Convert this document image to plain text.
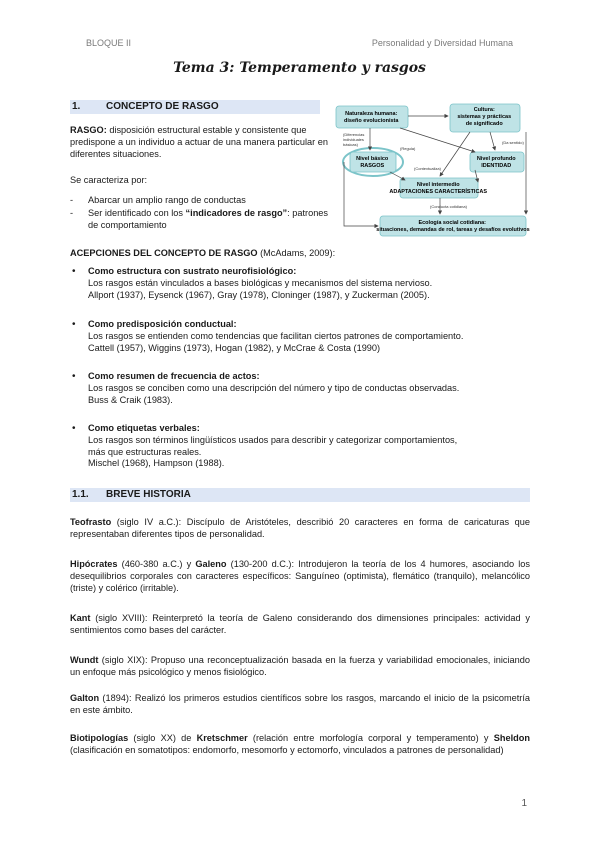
BLOQUE II	Personalidad y Diversidad Humana
Tema 3: Temperamento y rasgos
1.	CONCEPTO DE RASGO
RASGO: disposición estructural estable y consistente que predispone a un individuo a actuar de una manera particular en diferentes situaciones.
Se caracteriza por:
- Abarcar un amplio rango de conductas
- Ser identificado con los “indicadores de rasgo”: patrones de comportamiento
Naturaleza humana: diseño evolucionista Cultura: sistemas y prácticas de significado Nivel básico RASGOS Nivel profundo IDENTIDAD Nivel intermedio ADAPTACIONES CARACTERÍSTICAS Ecología social cotidiana: situaciones, demandas de rol, tareas y desafíos evolutivos
(Diferencias individuales básicas) (Regula) (Da sentido) (Contextualiza) (Conducta cotidiana)
ACEPCIONES DEL CONCEPTO DE RASGO (McAdams, 2009):
• Como estructura con sustrato neurofisiológico:
Los rasgos están vinculados a bases biológicas y mecanismos del sistema nervioso.
Allport (1937), Eysenck (1967), Gray (1978), Cloninger (1987), y Zuckerman (2005).
• Como predisposición conductual:
Los rasgos se entienden como tendencias que facilitan ciertos patrones de comportamiento.
Cattell (1957), Wiggins (1973), Hogan (1982), y McCrae & Costa (1990)
• Como resumen de frecuencia de actos:
Los rasgos se conciben como una descripción del número y tipo de conductas observadas.
Buss & Craik (1983).
• Como etiquetas verbales:
Los rasgos son términos lingüísticos usados para describir y categorizar comportamientos,
más que estructuras reales.
Mischel (1968), Hampson (1988).
1.1. BREVE HISTORIA
Teofrasto (siglo IV a.C.): Discípulo de Aristóteles, describió 20 caracteres en forma de caricaturas que representaban diferentes tipos de personalidad.
Hipócrates (460-380 a.C.) y Galeno (130-200 d.C.): Introdujeron la teoría de los 4 humores, asociando los desequilibrios corporales con caracteres específicos: Sanguíneo (optimista), flemático (tranquilo), melancólico (triste) y colérico (irritable).
Kant (siglo XVIII): Reinterpretó la teoría de Galeno considerando dos dimensiones principales: actividad y sentimientos como bases del carácter.
Wundt (siglo XIX): Propuso una reconceptualización basada en la fuerza y variabilidad emocionales, iniciando un enfoque más psicológico y menos fisiológico.
Galton (1894): Realizó los primeros estudios científicos sobre los rasgos, marcando el inicio de la psicometría en este ámbito.
Biotipologías (siglo XX) de Kretschmer (relación entre morfología corporal y temperamento) y Sheldon (clasificación en somatotipos: endomorfo, mesomorfo y ectomorfo, vinculados a patrones de personalidad)
1
